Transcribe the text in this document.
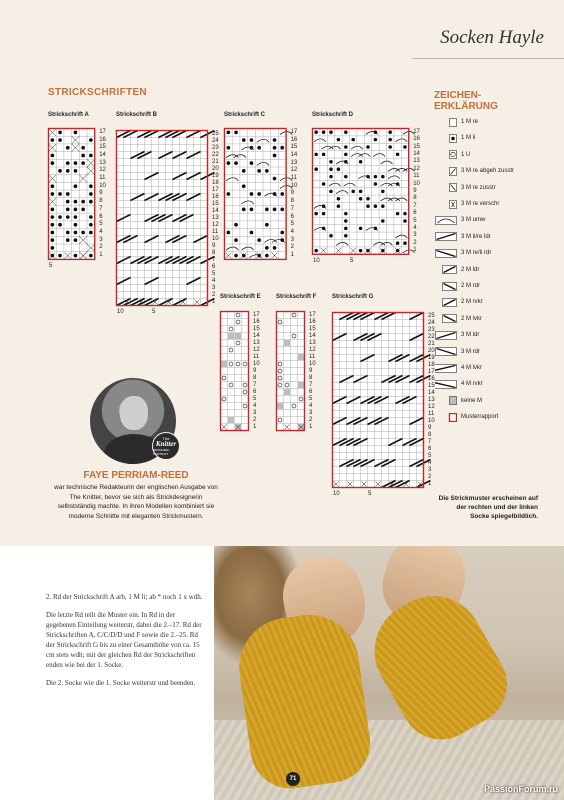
Socken Hayle
STRICKSCHRIFTEN
Strickschrift A
17
16
15
14
13
12
11
10
9
8
7
6
5
4
3
2
1
5
Strickschrift B
25
24
23
22
21
20
19
18
17
16
15
14
13
12
11
10
9
8
7
6
5
4
3
2
1
10	5
Strickschrift C
17
16
15
14
13
12
11
10
9
8
7
6
5
4
3
2
1
Strickschrift D
17
16
15
14
13
12
11
10
9
8
7
6
5
4
3
2
1
10	5
Strickschrift E
17
16
15
14
13
12
11
10
9
8
7
6
5
4
3
2
1
Strickschrift F
17
16
15
14
13
12
11
10
9
8
7
6
5
4
3
2
1
Strickschrift G
25
24
23
22
21
20
19
18
17
16
15
14
13
12
11
10
9
8
7
6
5
4
3
2
1
10	5
ZEICHEN-
ERKLÄRUNG
1 M re
1 M li
1 U
3 M re abgeh zusstr
3 M re zusstr
3 M re verschr
3 M umw
3 M li/re ldr
3 M re/li rdr
2 M ldr
2 M rdr
2 M rvkr
2 M lvkr
3 M ldr
3 M rdr
4 M lvkr
4 M rvkr
keine M
Musterrapport
Die Strickmuster erscheinen auf der rechten und der linken Socke spiegelbildlich.
The
Knitter
DESIGNER-PORTRAIT
FAYE PERRIAM-REED
war technische Redakteurin der englischen Ausgabe von The Knitter, bevor sie sich als Strickdesignerin selbstständig machte. In ihren Modellen kombiniert sie moderne Schnitte mit eleganten Strickmustern.

2. Rd der Strickschrift A arb, 1 M li; ab * noch 1 x wdh.

Die letzte Rd teilt die Muster ein. In Rd in der gegebenen Einteilung weiterstr, dabei die 2.–17. Rd der Strickschriften A, C/C/D/D und F sowie die 2.–25. Rd der Strickschrift G bis zu einer Gesamthöhe von ca. 15 cm stets wdh; mit der gleichen Rd der Strickschriften enden wie bei der 1. Socke.

Die 2. Socke wie die 1. Socke weiterstr und beenden.

71
PassionForum.ru
